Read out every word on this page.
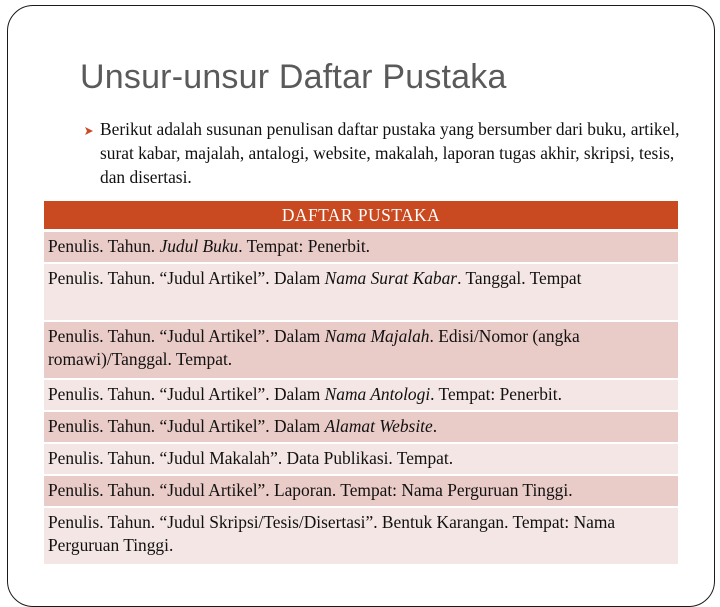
Unsur-unsur Daftar Pustaka

Berikut adalah susunan penulisan daftar pustaka yang bersumber dari buku, artikel, surat kabar, majalah, antalogi, website, makalah, laporan tugas akhir, skripsi, tesis, dan disertasi.

DAFTAR PUSTAKA
Penulis. Tahun. Judul Buku. Tempat: Penerbit.
Penulis. Tahun. “Judul Artikel”. Dalam Nama Surat Kabar. Tanggal. Tempat
Penulis. Tahun. “Judul Artikel”. Dalam Nama Majalah. Edisi/Nomor (angka romawi)/Tanggal. Tempat.
Penulis. Tahun. “Judul Artikel”. Dalam Nama Antologi. Tempat: Penerbit.
Penulis. Tahun. “Judul Artikel”. Dalam Alamat Website.
Penulis. Tahun. “Judul Makalah”. Data Publikasi. Tempat.
Penulis. Tahun. “Judul Artikel”. Laporan. Tempat: Nama Perguruan Tinggi.
Penulis. Tahun. “Judul Skripsi/Tesis/Disertasi”. Bentuk Karangan. Tempat: Nama Perguruan Tinggi.
